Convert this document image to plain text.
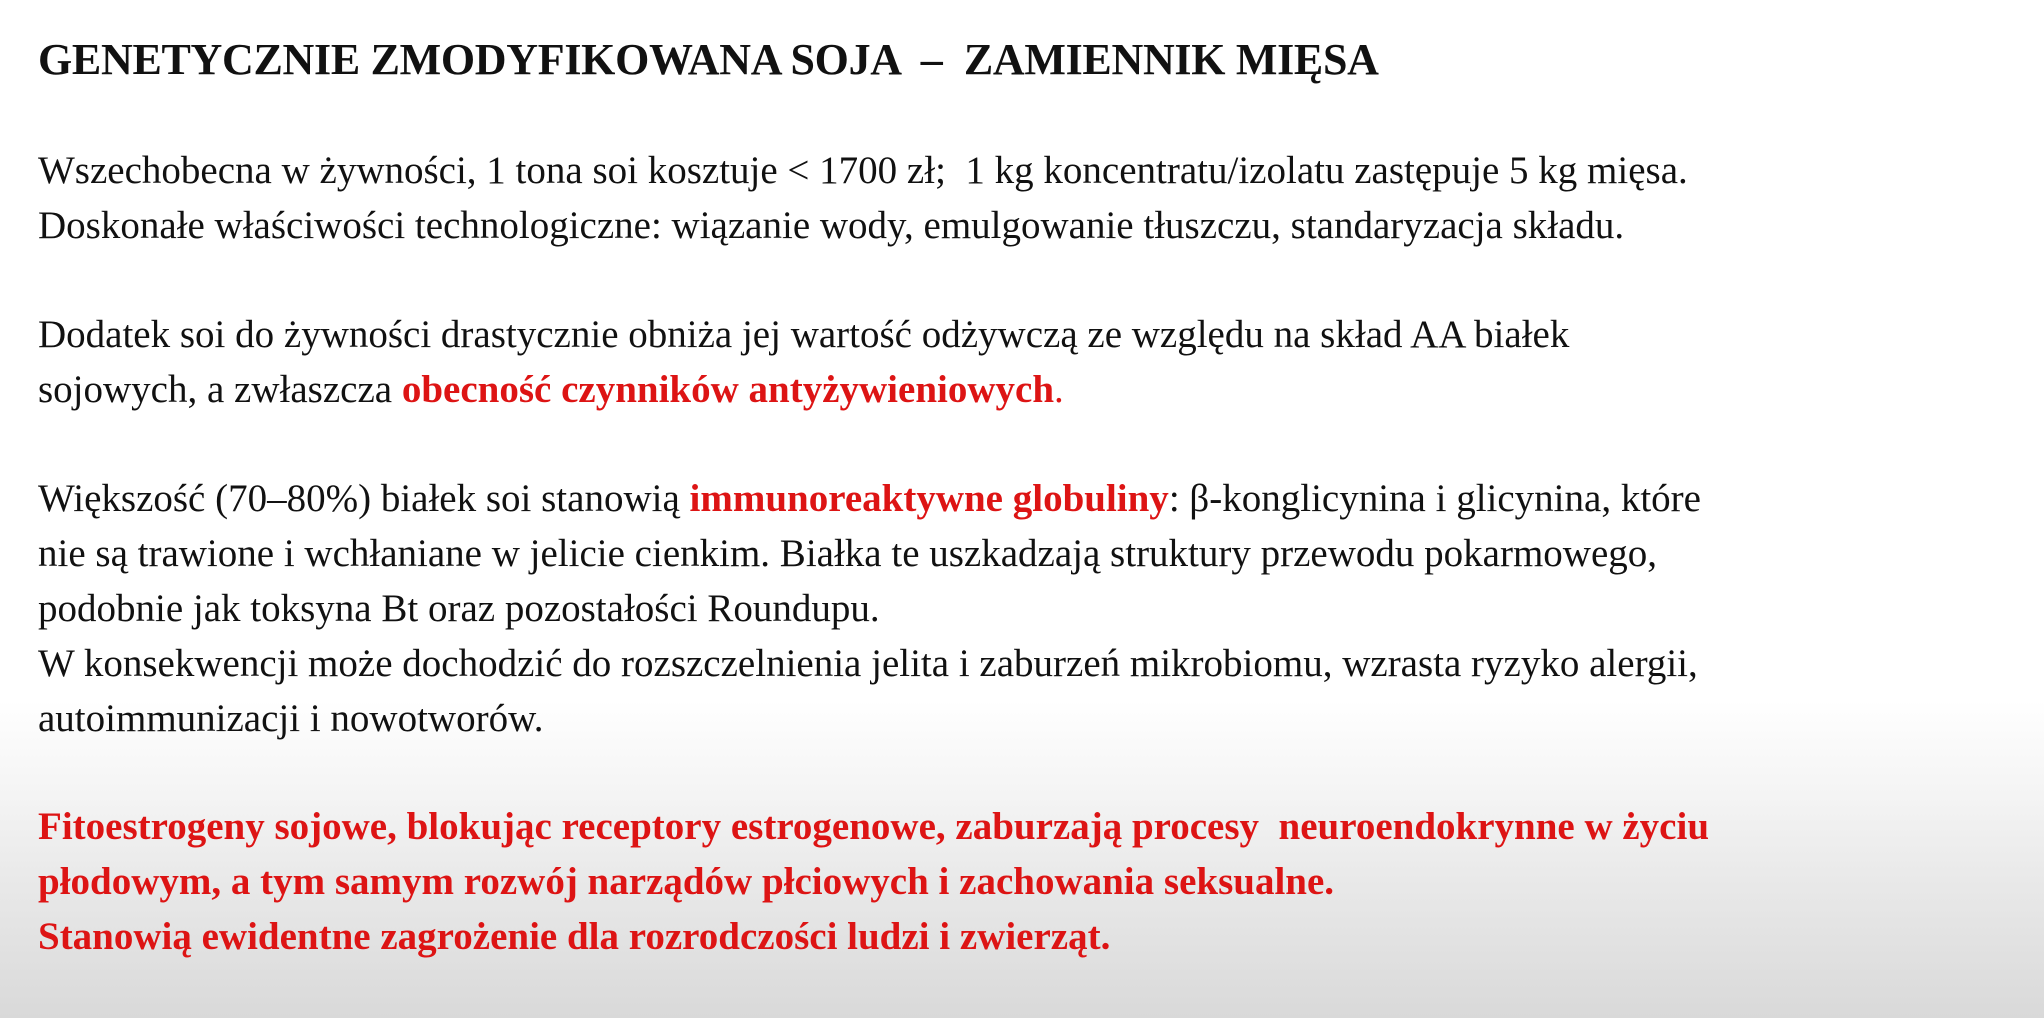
GENETYCZNIE ZMODYFIKOWANA SOJA  –  ZAMIENNIK MIĘSA
Wszechobecna w żywności, 1 tona soi kosztuje < 1700 zł;  1 kg koncentratu/izolatu zastępuje 5 kg mięsa.
Doskonałe właściwości technologiczne: wiązanie wody, emulgowanie tłuszczu, standaryzacja składu.
Dodatek soi do żywności drastycznie obniża jej wartość odżywczą ze względu na skład AA białek
sojowych, a zwłaszcza obecność czynników antyżywieniowych.
Większość (70–80%) białek soi stanowią immunoreaktywne globuliny: β-konglicynina i glicynina, które
nie są trawione i wchłaniane w jelicie cienkim. Białka te uszkadzają struktury przewodu pokarmowego,
podobnie jak toksyna Bt oraz pozostałości Roundupu.
W konsekwencji może dochodzić do rozszczelnienia jelita i zaburzeń mikrobiomu, wzrasta ryzyko alergii,
autoimmunizacji i nowotworów.
Fitoestrogeny sojowe, blokując receptory estrogenowe, zaburzają procesy  neuroendokrynne w życiu
płodowym, a tym samym rozwój narządów płciowych i zachowania seksualne.
Stanowią ewidentne zagrożenie dla rozrodczości ludzi i zwierząt.
